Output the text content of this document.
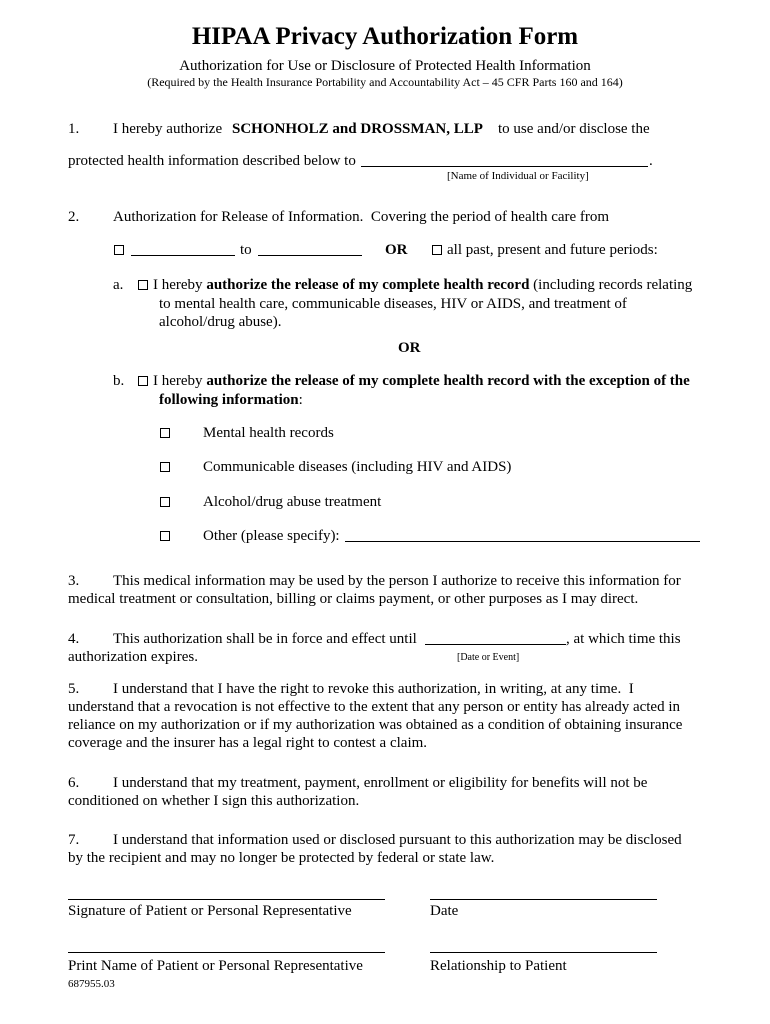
HIPAA Privacy Authorization Form
Authorization for Use or Disclosure of Protected Health Information
(Required by the Health Insurance Portability and Accountability Act – 45 CFR Parts 160 and 164)
1. I hereby authorize SCHONHOLZ and DROSSMAN, LLP to use and/or disclose the
protected health information described below to	.
[Name of Individual or Facility]
2. Authorization for Release of Information.  Covering the period of health care from
to	OR	all past, present and future periods:
a. I hereby authorize the release of my complete health record (including records relating
to mental health care, communicable diseases, HIV or AIDS, and treatment of
alcohol/drug abuse).
OR
b. I hereby authorize the release of my complete health record with the exception of the
following information:
Mental health records
Communicable diseases (including HIV and AIDS)
Alcohol/drug abuse treatment
Other (please specify):
3. This medical information may be used by the person I authorize to receive this information for
medical treatment or consultation, billing or claims payment, or other purposes as I may direct.
4. This authorization shall be in force and effect until	, at which time this
authorization expires.	[Date or Event]
5. I understand that I have the right to revoke this authorization, in writing, at any time.  I
understand that a revocation is not effective to the extent that any person or entity has already acted in
reliance on my authorization or if my authorization was obtained as a condition of obtaining insurance
coverage and the insurer has a legal right to contest a claim.
6. I understand that my treatment, payment, enrollment or eligibility for benefits will not be
conditioned on whether I sign this authorization.
7. I understand that information used or disclosed pursuant to this authorization may be disclosed
by the recipient and may no longer be protected by federal or state law.
Signature of Patient or Personal Representative	Date
Print Name of Patient or Personal Representative	Relationship to Patient
687955.03
